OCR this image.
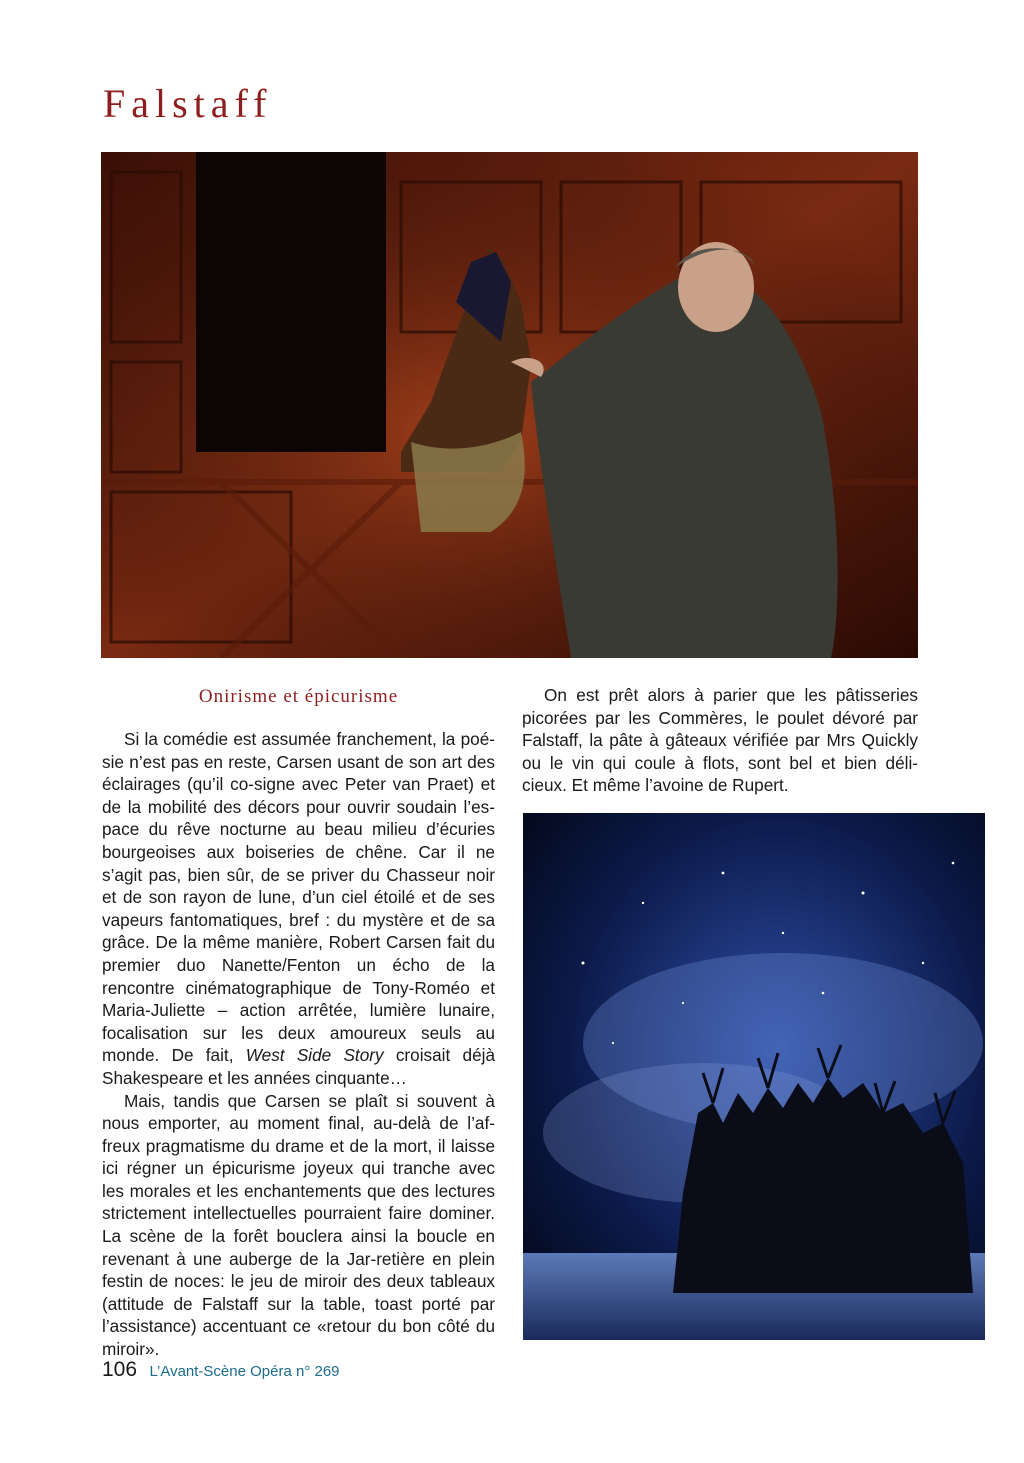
Falstaff
Onirisme et épicurisme

Si la comédie est assumée franchement, la poé-sie n’est pas en reste, Carsen usant de son art des éclairages (qu’il co-signe avec Peter van Praet) et de la mobilité des décors pour ouvrir soudain l’es-pace du rêve nocturne au beau milieu d’écuries bourgeoises aux boiseries de chêne. Car il ne s’agit pas, bien sûr, de se priver du Chasseur noir et de son rayon de lune, d’un ciel étoilé et de ses vapeurs fantomatiques, bref : du mystère et de sa grâce. De la même manière, Robert Carsen fait du premier duo Nanette/Fenton un écho de la rencontre cinématographique de Tony-Roméo et Maria-Juliette – action arrêtée, lumière lunaire, focalisation sur les deux amoureux seuls au monde. De fait, West Side Story croisait déjà Shakespeare et les années cinquante…

Mais, tandis que Carsen se plaît si souvent à nous emporter, au moment final, au-delà de l’af-freux pragmatisme du drame et de la mort, il laisse ici régner un épicurisme joyeux qui tranche avec les morales et les enchantements que des lectures strictement intellectuelles pourraient faire dominer. La scène de la forêt bouclera ainsi la boucle en revenant à une auberge de la Jar-retière en plein festin de noces: le jeu de miroir des deux tableaux (attitude de Falstaff sur la table, toast porté par l’assistance) accentuant ce «retour du bon côté du miroir».

On est prêt alors à parier que les pâtisseries picorées par les Commères, le poulet dévoré par Falstaff, la pâte à gâteaux vérifiée par Mrs Quickly ou le vin qui coule à flots, sont bel et bien déli-cieux. Et même l’avoine de Rupert.

106 L’Avant-Scène Opéra n° 269
